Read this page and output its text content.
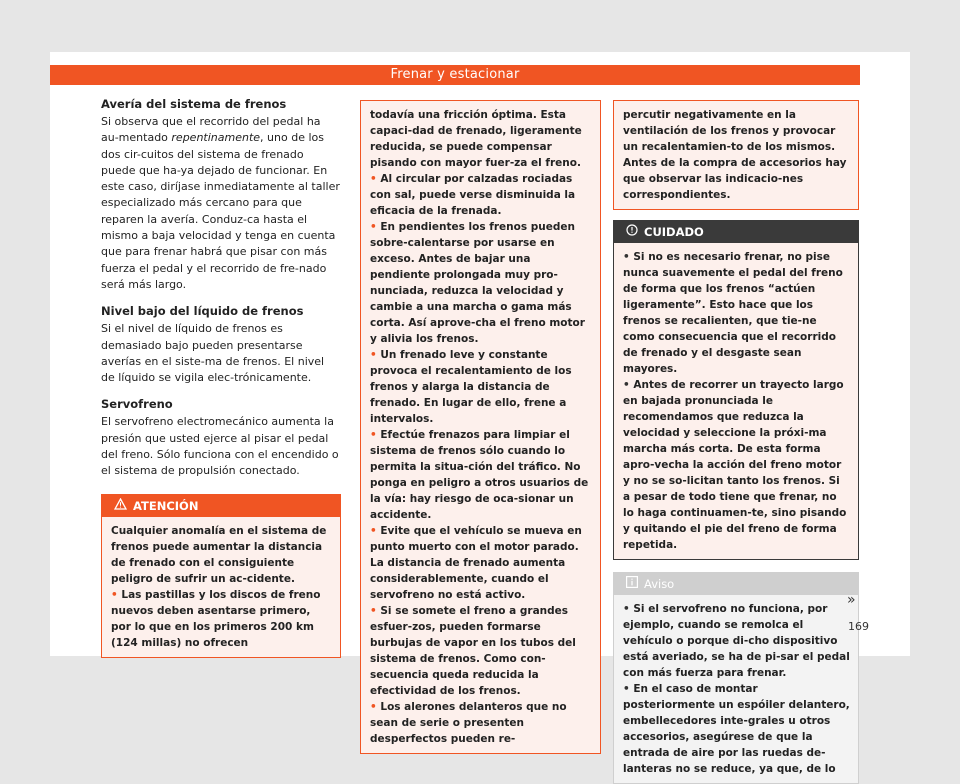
Frenar y estacionar
Avería del sistema de frenos

Si observa que el recorrido del pedal ha au-mentado repentinamente, uno de los dos cir-cuitos del sistema de frenado puede que ha-ya dejado de funcionar. En este caso, diríjase inmediatamente al taller especializado más cercano para que reparen la avería. Conduz-ca hasta el mismo a baja velocidad y tenga en cuenta que para frenar habrá que pisar con más fuerza el pedal y el recorrido de fre-nado será más largo.

Nivel bajo del líquido de frenos

Si el nivel de líquido de frenos es demasiado bajo pueden presentarse averías en el siste-ma de frenos. El nivel de líquido se vigila elec-trónicamente.

Servofreno

El servofreno electromecánico aumenta la presión que usted ejerce al pisar el pedal del freno. Sólo funciona con el encendido o el sistema de propulsión conectado.

ATENCIÓN
Cualquier anomalía en el sistema de frenos puede aumentar la distancia de frenado con el consiguiente peligro de sufrir un ac-cidente.
• Las pastillas y los discos de freno nuevos deben asentarse primero, por lo que en los primeros 200 km (124 millas) no ofrecen
todavía una fricción óptima. Esta capaci-dad de frenado, ligeramente reducida, se puede compensar pisando con mayor fuer-za el freno.
• Al circular por calzadas rociadas con sal, puede verse disminuida la eficacia de la frenada.
• En pendientes los frenos pueden sobre-calentarse por usarse en exceso. Antes de bajar una pendiente prolongada muy pro-nunciada, reduzca la velocidad y cambie a una marcha o gama más corta. Así aprove-cha el freno motor y alivia los frenos.
• Un frenado leve y constante provoca el recalentamiento de los frenos y alarga la distancia de frenado. En lugar de ello, frene a intervalos.
• Efectúe frenazos para limpiar el sistema de frenos sólo cuando lo permita la situa-ción del tráfico. No ponga en peligro a otros usuarios de la vía: hay riesgo de oca-sionar un accidente.
• Evite que el vehículo se mueva en punto muerto con el motor parado. La distancia de frenado aumenta considerablemente, cuando el servofreno no está activo.
• Si se somete el freno a grandes esfuer-zos, pueden formarse burbujas de vapor en los tubos del sistema de frenos. Como con-secuencia queda reducida la efectividad de los frenos.
• Los alerones delanteros que no sean de serie o presenten desperfectos pueden re-
percutir negativamente en la ventilación de los frenos y provocar un recalentamien-to de los mismos. Antes de la compra de accesorios hay que observar las indicacio-nes correspondientes.
CUIDADO
• Si no es necesario frenar, no pise nunca suavemente el pedal del freno de forma que los frenos “actúen ligeramente”. Esto hace que los frenos se recalienten, que tie-ne como consecuencia que el recorrido de frenado y el desgaste sean mayores.
• Antes de recorrer un trayecto largo en bajada pronunciada le recomendamos que reduzca la velocidad y seleccione la próxi-ma marcha más corta. De esta forma apro-vecha la acción del freno motor y no se so-licitan tanto los frenos. Si a pesar de todo tiene que frenar, no lo haga continuamen-te, sino pisando y quitando el pie del freno de forma repetida.
Aviso
• Si el servofreno no funciona, por ejemplo, cuando se remolca el vehículo o porque di-cho dispositivo está averiado, se ha de pi-sar el pedal con más fuerza para frenar.
• En el caso de montar posteriormente un espóiler delantero, embellecedores inte-grales u otros accesorios, asegúrese de que la entrada de aire por las ruedas de-lanteras no se reduce, ya que, de lo
»
169
